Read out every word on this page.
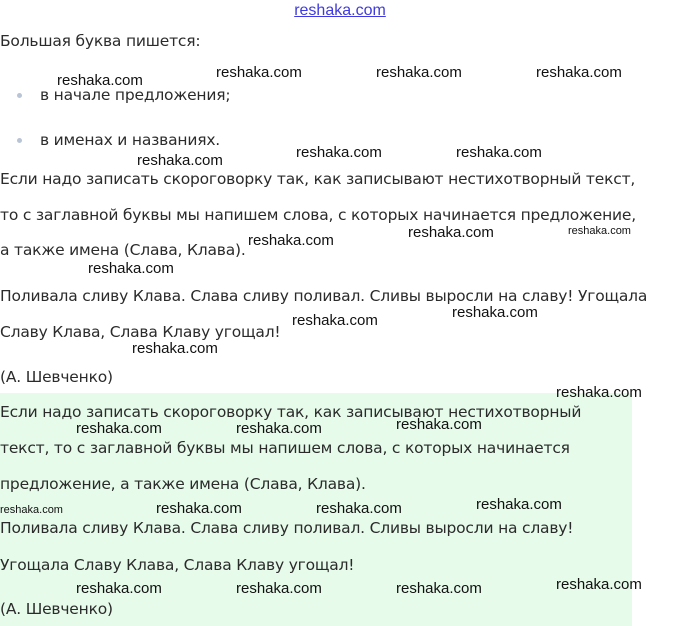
reshaka.com
Большая буква пишется:
в начале предложения;
в именах и названиях.
Если надо записать скороговорку так, как записывают нестихотворный текст,
то с заглавной буквы мы напишем слова, с которых начинается предложение,
а также имена (Слава, Клава).
Поливала сливу Клава. Слава сливу поливал. Сливы выросли на славу! Угощала
Славу Клава, Слава Клаву угощал!
(А. Шевченко)
Если надо записать скороговорку так, как записывают нестихотворный
текст, то с заглавной буквы мы напишем слова, с которых начинается
предложение, а также имена (Слава, Клава).
Поливала сливу Клава. Слава сливу поливал. Сливы выросли на славу!
Угощала Славу Клава, Слава Клаву угощал!
(А. Шевченко)
reshaka.com	reshaka.com	reshaka.com	reshaka.com
reshaka.com	reshaka.com	reshaka.com
reshaka.com	reshaka.com	reshaka.com
reshaka.com
reshaka.com	reshaka.com
reshaka.com
reshaka.com
reshaka.com	reshaka.com	reshaka.com
reshaka.com	reshaka.com	reshaka.com	reshaka.com
reshaka.com	reshaka.com	reshaka.com	reshaka.com
